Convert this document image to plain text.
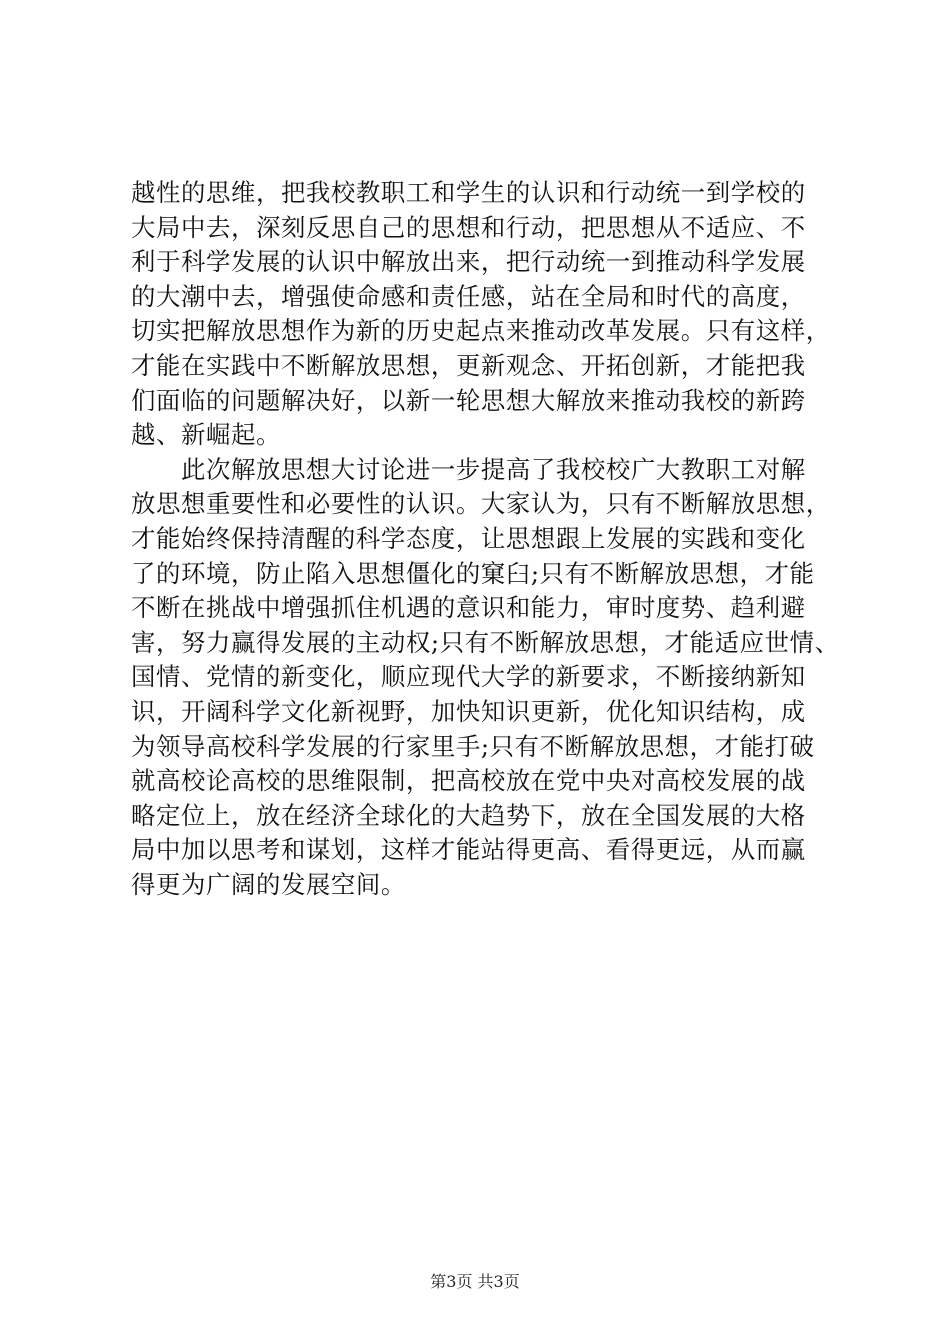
越性的思维，把我校教职工和学生的认识和行动统一到学校的
大局中去，深刻反思自己的思想和行动，把思想从不适应、不
利于科学发展的认识中解放出来，把行动统一到推动科学发展
的大潮中去，增强使命感和责任感，站在全局和时代的高度，
切实把解放思想作为新的历史起点来推动改革发展。只有这样，
才能在实践中不断解放思想，更新观念、开拓创新，才能把我
们面临的问题解决好，以新一轮思想大解放来推动我校的新跨
越、新崛起。
　　此次解放思想大讨论进一步提高了我校校广大教职工对解
放思想重要性和必要性的认识。大家认为，只有不断解放思想，
才能始终保持清醒的科学态度，让思想跟上发展的实践和变化
了的环境，防止陷入思想僵化的窠臼;只有不断解放思想，才能
不断在挑战中增强抓住机遇的意识和能力，审时度势、趋利避
害，努力赢得发展的主动权;只有不断解放思想，才能适应世情、
国情、党情的新变化，顺应现代大学的新要求，不断接纳新知
识，开阔科学文化新视野，加快知识更新，优化知识结构，成
为领导高校科学发展的行家里手;只有不断解放思想，才能打破
就高校论高校的思维限制，把高校放在党中央对高校发展的战
略定位上，放在经济全球化的大趋势下，放在全国发展的大格
局中加以思考和谋划，这样才能站得更高、看得更远，从而赢
得更为广阔的发展空间。
第3页 共3页
